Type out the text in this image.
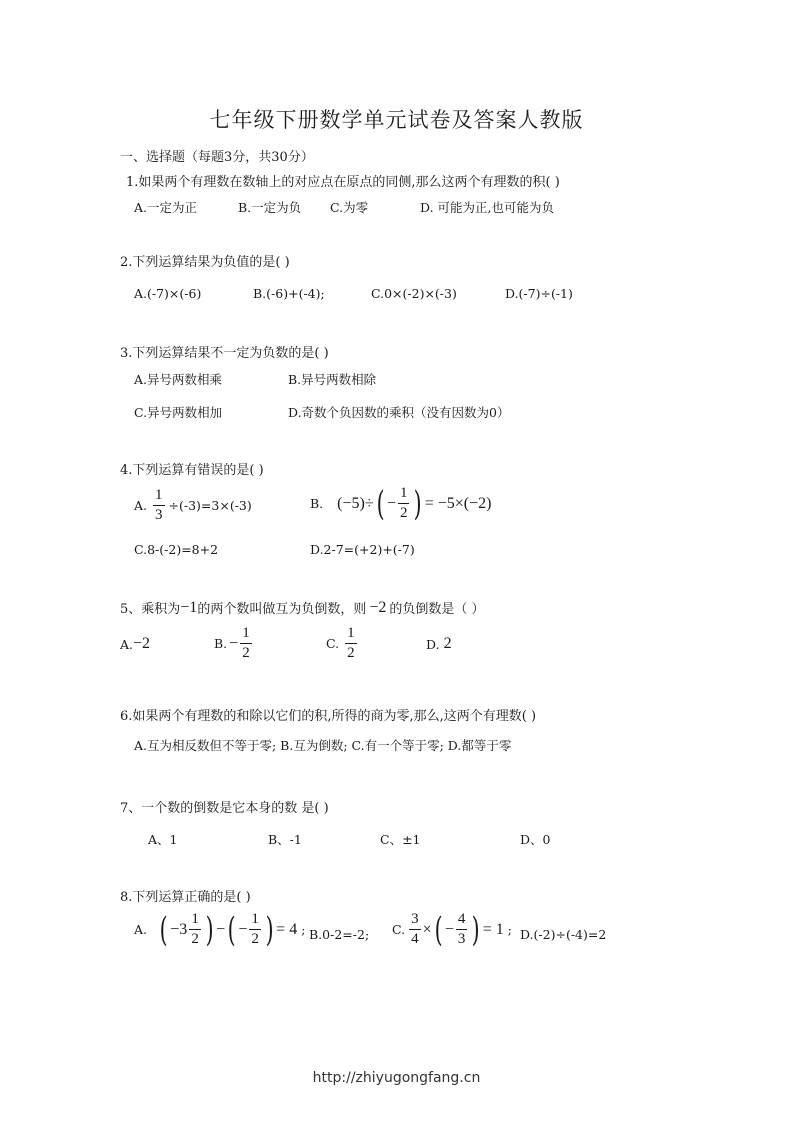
七年级下册数学单元试卷及答案人教版
一、选择题（每题3分，共30分）
1.如果两个有理数在数轴上的对应点在原点的同侧,那么这两个有理数的积( )
A.一定为正	B.一定为负 C.为零	D. 可能为正,也可能为负
2.下列运算结果为负值的是( )
A.(-7)×(-6)	B.(-6)+(-4);	C.0×(-2)×(-3)	D.(-7)÷(-1)
3.下列运算结果不一定为负数的是( )
A.异号两数相乘	B.异号两数相除
C.异号两数相加	D.奇数个负因数的乘积（没有因数为0）
4.下列运算有错误的是( )
A. $\frac{1}{3} \div(-3)=3\times(-3)$	B. (−5)÷ ( − $\frac{1}{2}$ ) = −5×(−2)
C.8-(-2)=8+2	D.2-7=(+2)+(-7)
5、乘积为 −1 的两个数叫做互为负倒数，则 −2 的负倒数是（ ）
A. −2	B. − $\frac{1}{2}$	C. $\frac{1}{2}$	D. 2
6.如果两个有理数的和除以它们的积,所得的商为零,那么,这两个有理数( )
A.互为相反数但不等于零; B.互为倒数; C.有一个等于零; D.都等于零
7、一个数的倒数是它本身的数 是( )
A、1	B、-1	C、±1	D、0
8.下列运算正确的是( )
A. ( $-3 \frac{1}{2}$ ) − ( − $\frac{1}{2}$ ) = 4 ; B.0-2=-2; C. $\frac{3}{4}$ × ( − $\frac{4}{3}$ ) = 1 ; D.(-2)÷(-4)=2
http://zhiyugongfang.cn
